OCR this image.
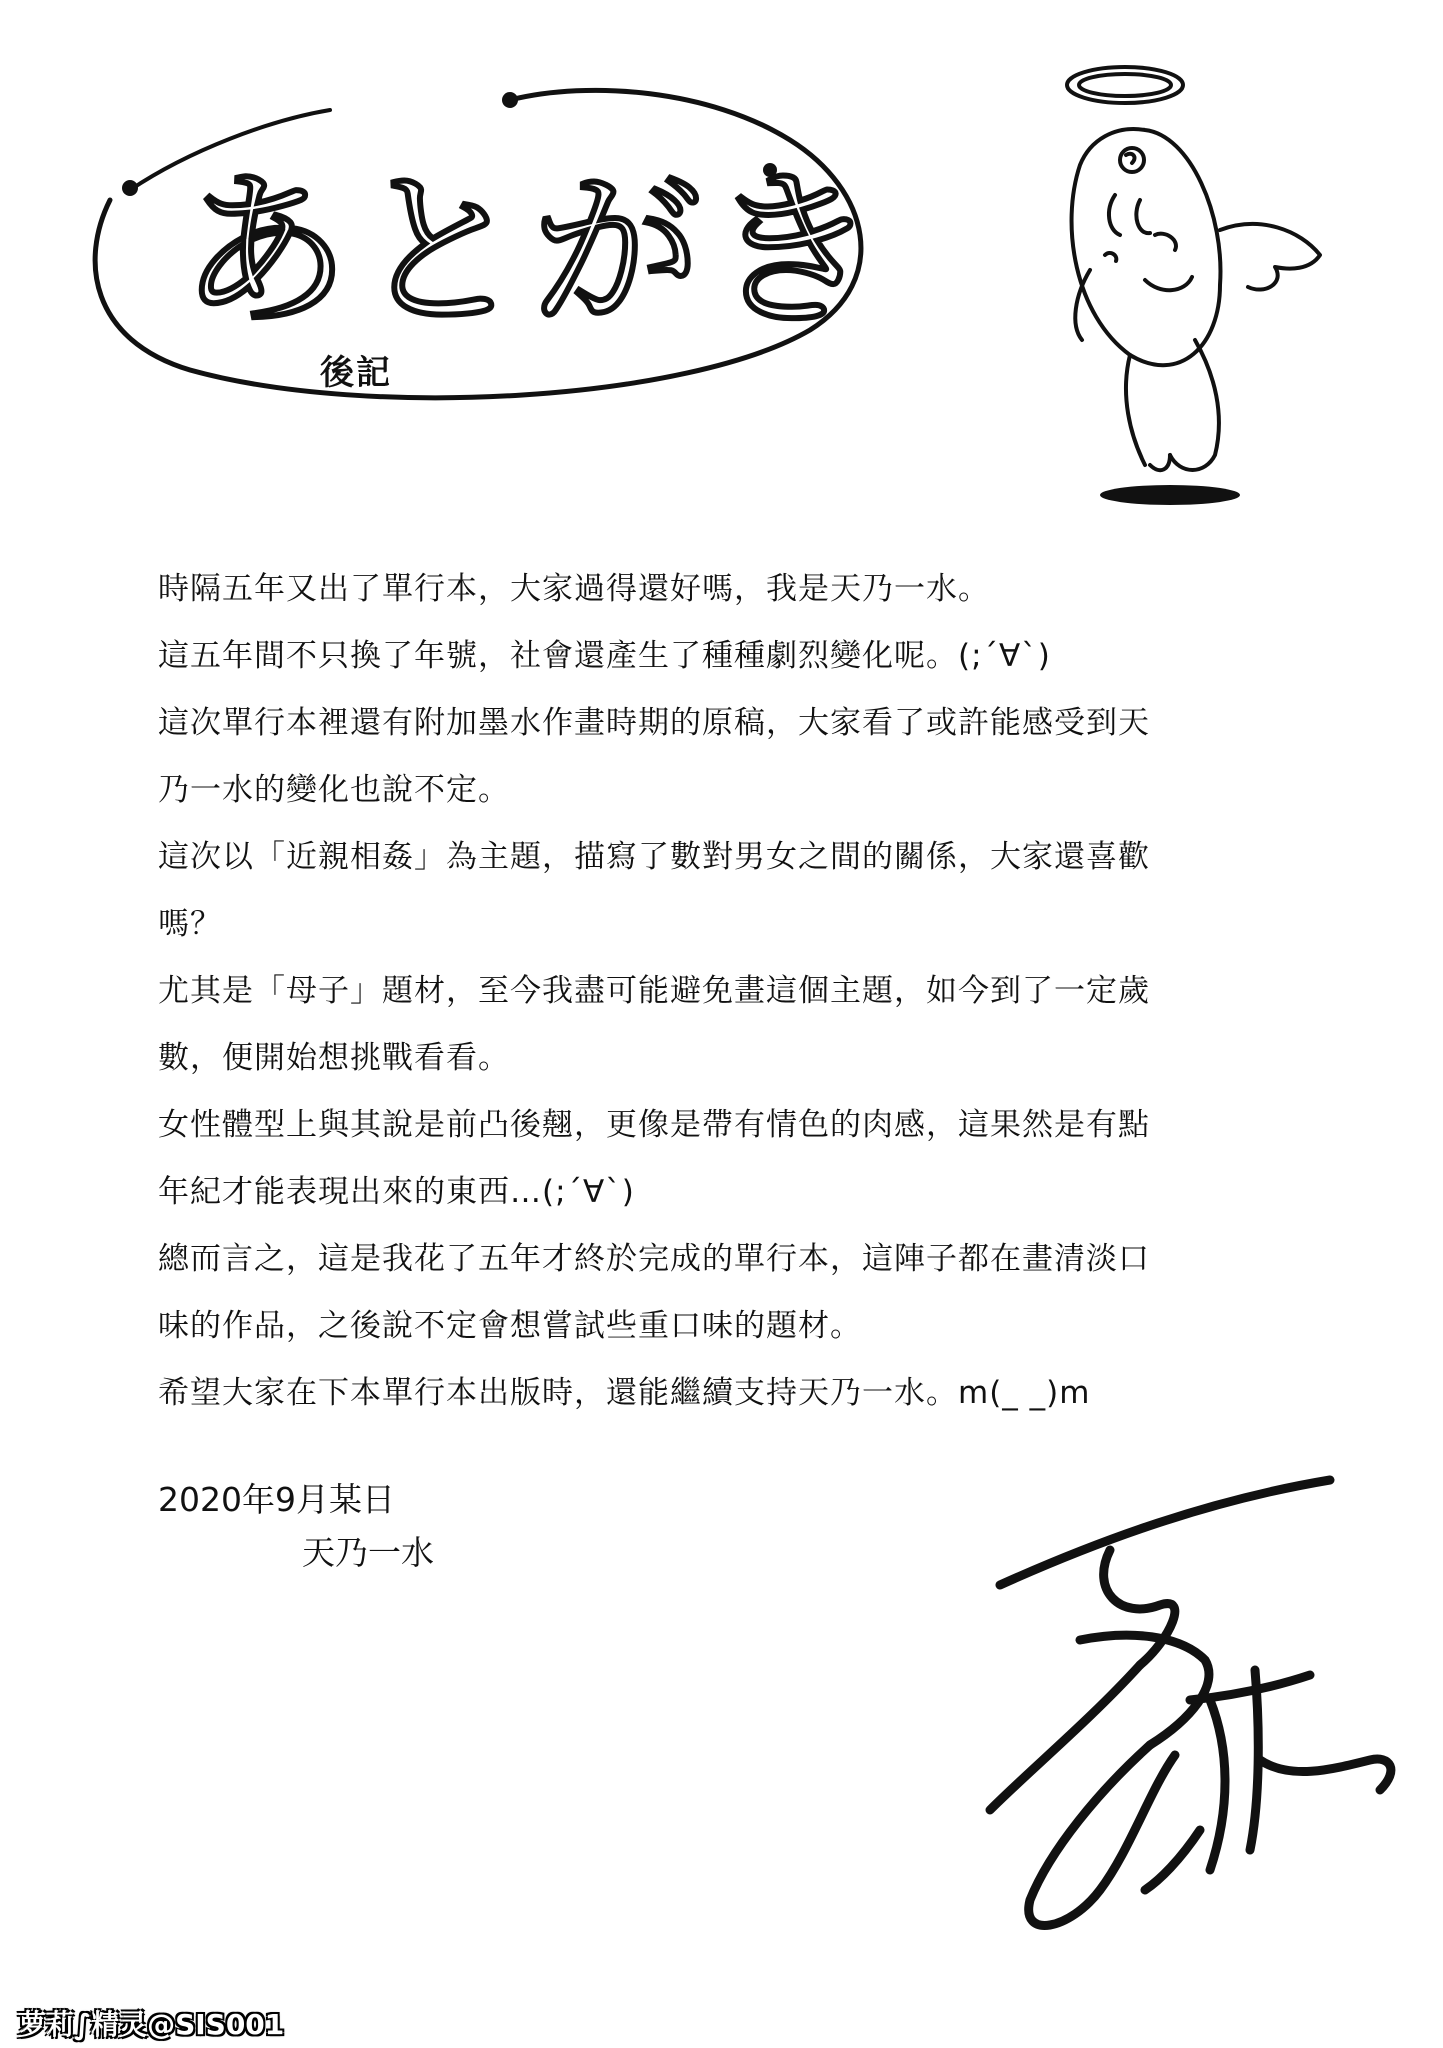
あとがき
後記

時隔五年又出了單行本，大家過得還好嗎，我是天乃一水。

這五年間不只換了年號，社會還產生了種種劇烈變化呢。(;´∀`)

這次單行本裡還有附加墨水作畫時期的原稿，大家看了或許能感受到天

乃一水的變化也說不定。

這次以「近親相姦」為主題，描寫了數對男女之間的關係，大家還喜歡

嗎？

尤其是「母子」題材，至今我盡可能避免畫這個主題，如今到了一定歲

數，便開始想挑戰看看。

女性體型上與其說是前凸後翹，更像是帶有情色的肉感，這果然是有點

年紀才能表現出來的東西…(;´∀`)

總而言之，這是我花了五年才終於完成的單行本，這陣子都在畫清淡口

味的作品，之後說不定會想嘗試些重口味的題材。

希望大家在下本單行本出版時，還能繼續支持天乃一水。m(_ _)m

2020年9月某日
天乃一水
萝莉∫精灵@SIS001
